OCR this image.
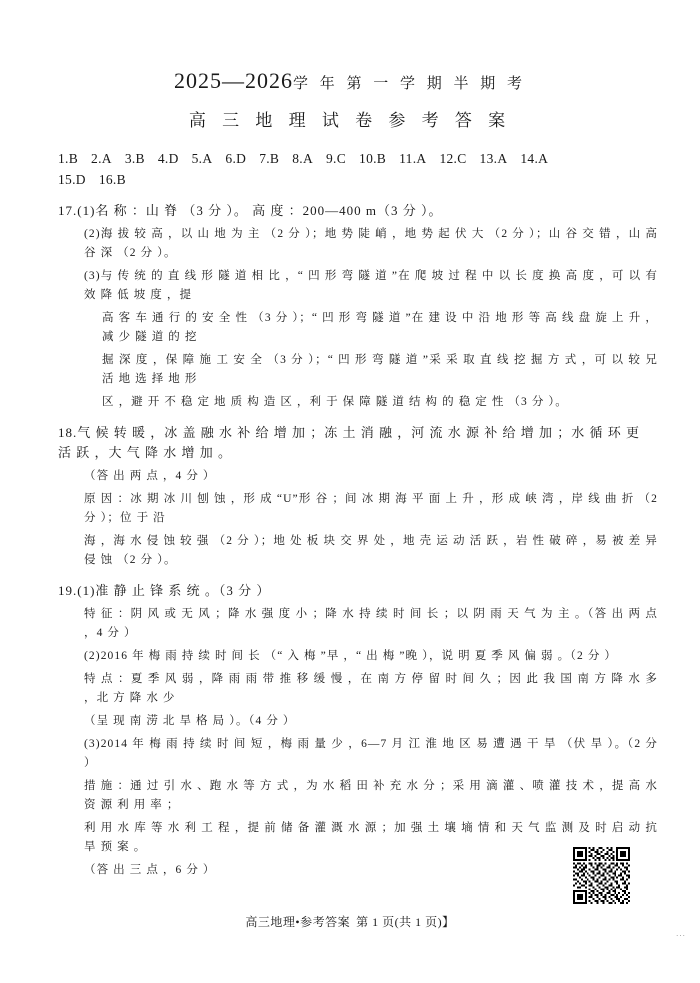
2025—2026学 年 第 一 学 期 半 期 考
高 三 地 理 试 卷 参 考 答 案
1.B 2.A 3.B 4.D 5.A 6.D 7.B 8.A 9.C 10.B 11.A 12.C 13.A 14.A
15.D 16.B
17.(1)名 称 ：山 脊 （3 分 ）。 高 度 ：200—400 m（3 分 ）。
(2)海 拔 较 高 ，以 山 地 为 主 （2 分 ）；地 势 陡 峭 ，地 势 起 伏 大 （2 分 ）；山 谷 交 错 ，山 高 谷 深 （2 分 ）。
(3)与 传 统 的 直 线 形 隧 道 相 比 ，“ 凹 形 弯 隧 道 ”在 爬 坡 过 程 中 以 长 度 换 高 度 ，可 以 有 效 降 低 坡 度 ，提
高 客 车 通 行 的 安 全 性 （3 分 ）；“ 凹 形 弯 隧 道 ”在 建 设 中 沿 地 形 等 高 线 盘 旋 上 升 ，减 少 隧 道 的 挖
掘 深 度 ，保 障 施 工 安 全 （3 分 ）；“ 凹 形 弯 隧 道 ”采 采 取 直 线 挖 掘 方 式 ，可 以 较 兄 活 地 选 择 地 形
区 ，避 开 不 稳 定 地 质 构 造 区 ，利 于 保 障 隧 道 结 构 的 稳 定 性 （3 分 ）。
18.气 候 转 暖 ，冰 盖 融 水 补 给 增 加 ；冻 土 消 融 ，河 流 水 源 补 给 增 加 ；水 循 环 更 活 跃 ，大 气 降 水 增 加 。
（答 出 两 点 ，4 分 ）
原 因 ：冰 期 冰 川 刨 蚀 ，形 成 “U”形 谷 ；间 冰 期 海 平 面 上 升 ，形 成 峡 湾 ，岸 线 曲 折 （2 分 ）；位 于 沿
海 ，海 水 侵 蚀 较 强 （2 分 ）；地 处 板 块 交 界 处 ，地 壳 运 动 活 跃 ，岩 性 破 碎 ，易 被 差 异 侵 蚀 （2 分 ）。
19.(1)准 静 止 锋 系 统 。（3 分 ）
特 征 ：阴 风 或 无 风 ；降 水 强 度 小 ；降 水 持 续 时 间 长 ；以 阴 雨 天 气 为 主 。（答 出 两 点 ，4 分 ）
(2)2016 年 梅 雨 持 续 时 间 长 （“ 入 梅 ”早 ，“ 出 梅 ”晚 ），说 明 夏 季 风 偏 弱 。（2 分 ）
特 点 ：夏 季 风 弱 ，降 雨 雨 带 推 移 缓 慢 ，在 南 方 停 留 时 间 久 ；因 此 我 国 南 方 降 水 多 ，北 方 降 水 少
（呈 现 南 涝 北 旱 格 局 ）。（4 分 ）
(3)2014 年 梅 雨 持 续 时 间 短 ，梅 雨 量 少 ，6—7 月 江 淮 地 区 易 遭 遇 干 旱 （伏 旱 ）。（2 分 ）
措 施 ：通 过 引 水 、跑 水 等 方 式 ，为 水 稻 田 补 充 水 分 ；采 用 滴 灌 、喷 灌 技 术 ，提 高 水 资 源 利 用 率 ；
利 用 水 库 等 水 利 工 程 ，提 前 储 备 灌 溉 水 源 ；加 强 土 壤 墒 情 和 天 气 监 测 及 时 启 动 抗 旱 预 案 。
（答 出 三 点 ，6 分 ）
高三地理•参考答案 第 1 页(共 1 页)】
···
